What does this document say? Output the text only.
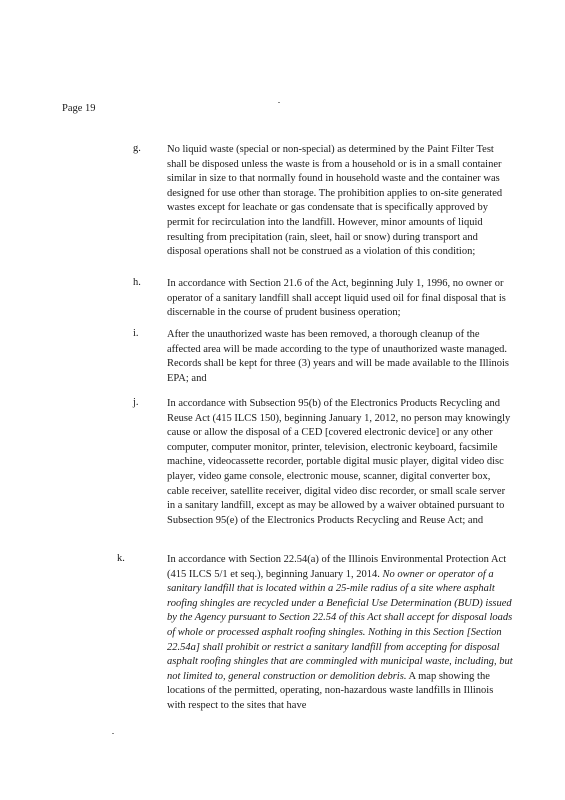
Page 19
g. No liquid waste (special or non-special) as determined by the Paint Filter Test shall be disposed unless the waste is from a household or is in a small container similar in size to that normally found in household waste and the container was designed for use other than storage. The prohibition applies to on-site generated wastes except for leachate or gas condensate that is specifically approved by permit for recirculation into the landfill. However, minor amounts of liquid resulting from precipitation (rain, sleet, hail or snow) during transport and disposal operations shall not be construed as a violation of this condition;

h. In accordance with Section 21.6 of the Act, beginning July 1, 1996, no owner or operator of a sanitary landfill shall accept liquid used oil for final disposal that is discernable in the course of prudent business operation;

i.	After the unauthorized waste has been removed, a thorough cleanup of the affected area will be made according to the type of unauthorized waste managed. Records shall be kept for three (3) years and will be made available to the Illinois EPA; and

j.	In accordance with Subsection 95(b) of the Electronics Products Recycling and Reuse Act (415 ILCS 150), beginning January 1, 2012, no person may knowingly cause or allow the disposal of a CED [covered electronic device] or any other computer, computer monitor, printer, television, electronic keyboard, facsimile machine, videocassette recorder, portable digital music player, digital video disc player, video game console, electronic mouse, scanner, digital converter box, cable receiver, satellite receiver, digital video disc recorder, or small scale server in a sanitary landfill, except as may be allowed by a waiver obtained pursuant to Subsection 95(e) of the Electronics Products Recycling and Reuse Act; and

k.	In accordance with Section 22.54(a) of the Illinois Environmental Protection Act (415 ILCS 5/1 et seq.), beginning January 1, 2014. No owner or operator of a sanitary landfill that is located within a 25-mile radius of a site where asphalt roofing shingles are recycled under a Beneficial Use Determination (BUD) issued by the Agency pursuant to Section 22.54 of this Act shall accept for disposal loads of whole or processed asphalt roofing shingles. Nothing in this Section [Section 22.54a] shall prohibit or restrict a sanitary landfill from accepting for disposal asphalt roofing shingles that are commingled with municipal waste, including, but not limited to, general construction or demolition debris. A map showing the locations of the permitted, operating, non-hazardous waste landfills in Illinois with respect to the sites that have
